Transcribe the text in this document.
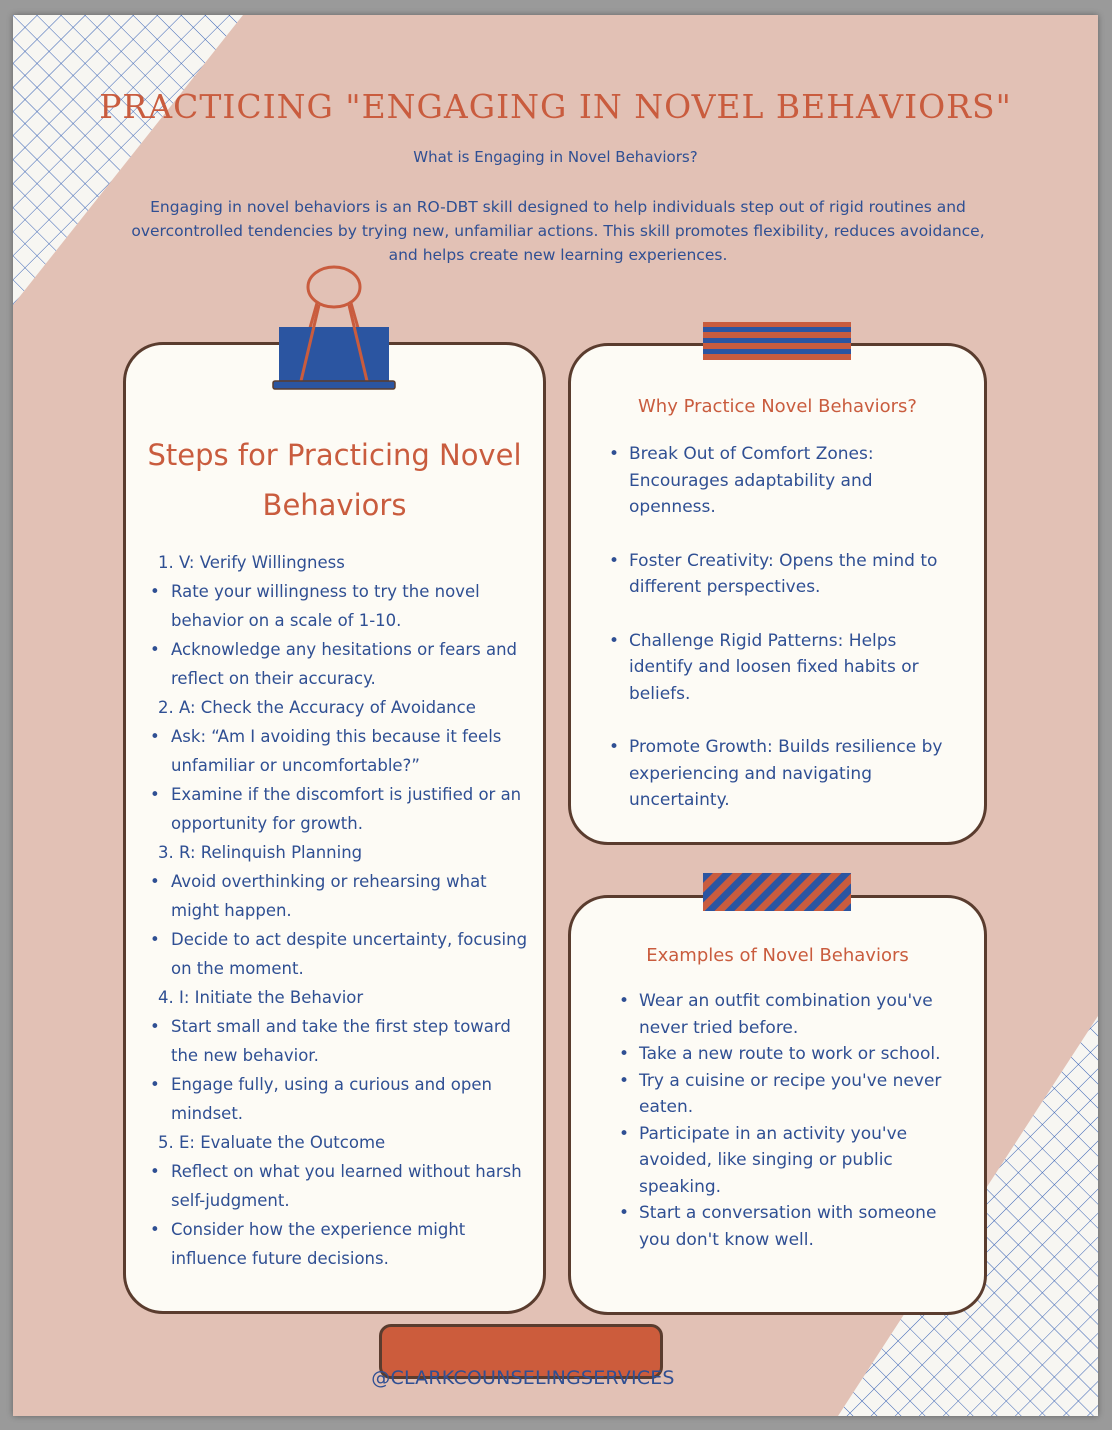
PRACTICING "ENGAGING IN NOVEL BEHAVIORS"
What is Engaging in Novel Behaviors?

Engaging in novel behaviors is an RO-DBT skill designed to help individuals step out of rigid routines and overcontrolled tendencies by trying new, unfamiliar actions. This skill promotes flexibility, reduces avoidance, and helps create new learning experiences.

Steps for Practicing Novel Behaviors
1. V: Verify Willingness
• Rate your willingness to try the novel behavior on a scale of 1-10.
• Acknowledge any hesitations or fears and reflect on their accuracy.
2. A: Check the Accuracy of Avoidance
• Ask: “Am I avoiding this because it feels unfamiliar or uncomfortable?”
• Examine if the discomfort is justified or an opportunity for growth.
3. R: Relinquish Planning
• Avoid overthinking or rehearsing what might happen.
• Decide to act despite uncertainty, focusing on the moment.
4. I: Initiate the Behavior
• Start small and take the first step toward the new behavior.
• Engage fully, using a curious and open mindset.
5. E: Evaluate the Outcome
• Reflect on what you learned without harsh self-judgment.
• Consider how the experience might influence future decisions.
Why Practice Novel Behaviors?
• Break Out of Comfort Zones: Encourages adaptability and openness.
• Foster Creativity: Opens the mind to different perspectives.
• Challenge Rigid Patterns: Helps identify and loosen fixed habits or beliefs.
• Promote Growth: Builds resilience by experiencing and navigating uncertainty.
Examples of Novel Behaviors
• Wear an outfit combination you've never tried before.
• Take a new route to work or school.
• Try a cuisine or recipe you've never eaten.
• Participate in an activity you've avoided, like singing or public speaking.
• Start a conversation with someone you don't know well.
@CLARKCOUNSELINGSERVICES
